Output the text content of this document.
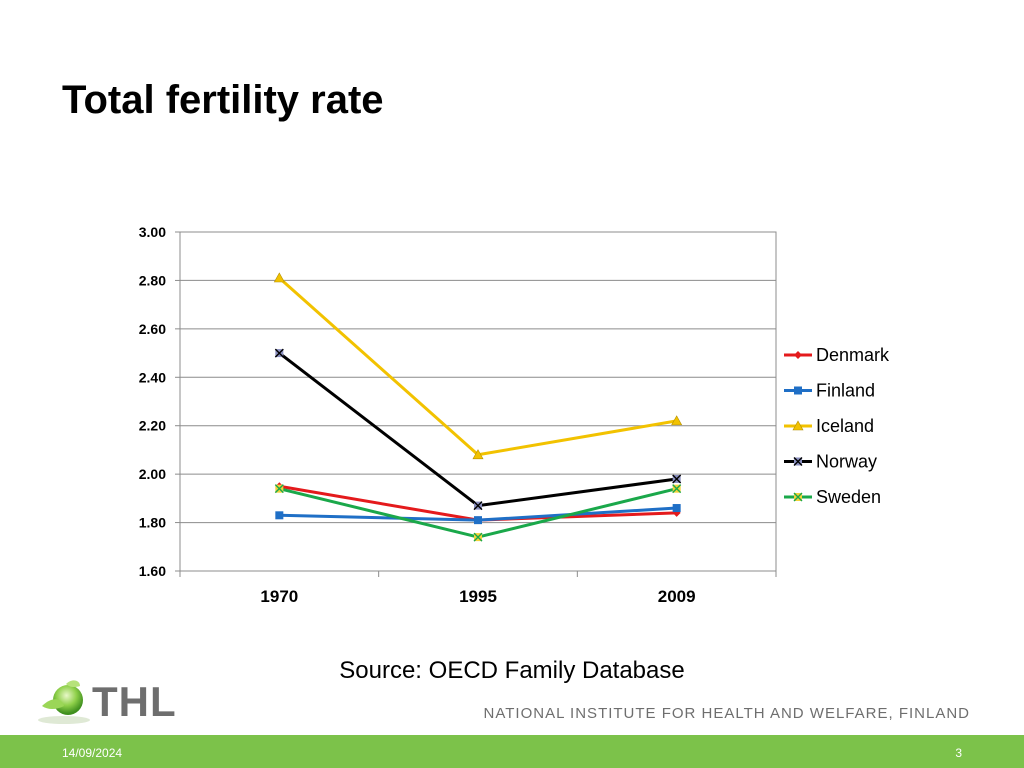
Total fertility rate
1.60
1.80
2.00
2.20
2.40
2.60
2.80
3.00
1970	1995	2009
Denmark
Finland
Iceland
Norway
Sweden
Source: OECD Family Database
THL	NATIONAL INSTITUTE FOR HEALTH AND WELFARE, FINLAND
14/09/2024	3
